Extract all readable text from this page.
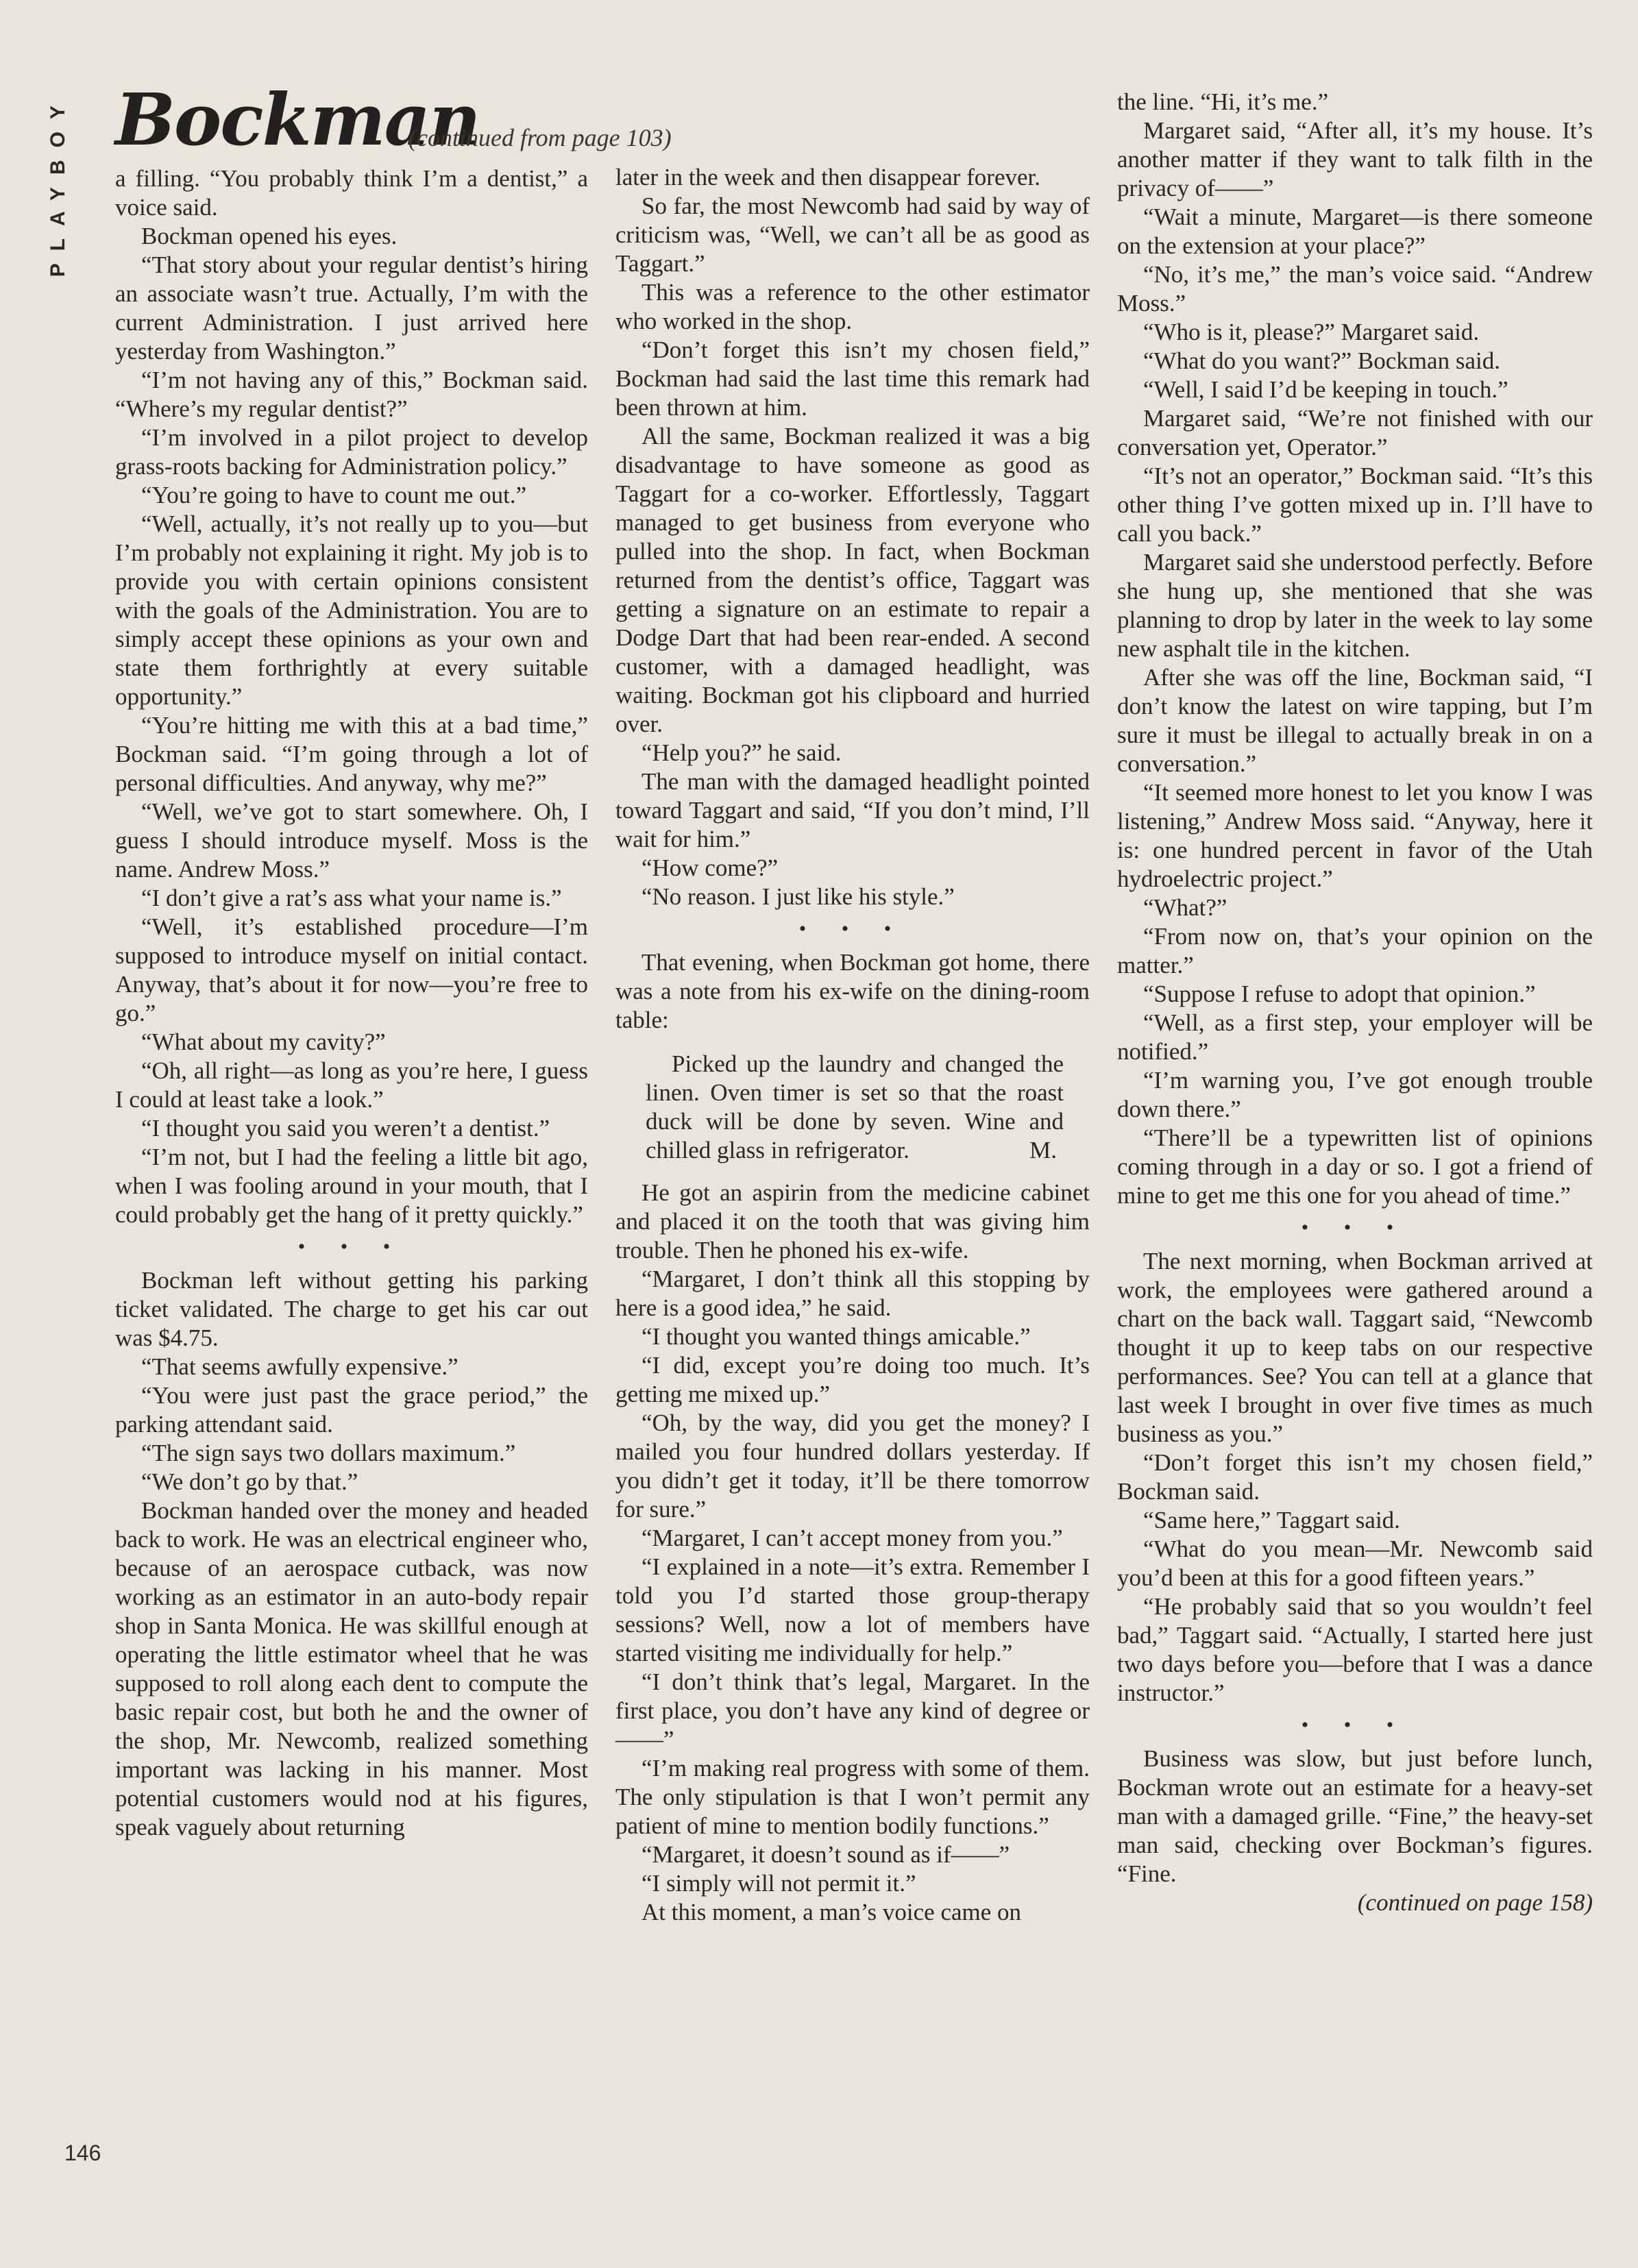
PLAYBOY Bockman
(continued from page 103)

a filling. “You probably think I’m a dentist,” a voice said.

Bockman opened his eyes.

“That story about your regular dentist’s hiring an associate wasn’t true. Actually, I’m with the current Administration. I just arrived here yesterday from Washington.”

“I’m not having any of this,” Bockman said. “Where’s my regular dentist?”

“I’m involved in a pilot project to develop grass-roots backing for Administration policy.”

“You’re going to have to count me out.”

“Well, actually, it’s not really up to you—but I’m probably not explaining it right. My job is to provide you with certain opinions consistent with the goals of the Administration. You are to simply accept these opinions as your own and state them forthrightly at every suitable opportunity.”

“You’re hitting me with this at a bad time,” Bockman said. “I’m going through a lot of personal difficulties. And anyway, why me?”

“Well, we’ve got to start somewhere. Oh, I guess I should introduce myself. Moss is the name. Andrew Moss.”

“I don’t give a rat’s ass what your name is.”

“Well, it’s established procedure—I’m supposed to introduce myself on initial contact. Anyway, that’s about it for now—you’re free to go.”

“What about my cavity?”

“Oh, all right—as long as you’re here, I guess I could at least take a look.”

“I thought you said you weren’t a dentist.”

“I’m not, but I had the feeling a little bit ago, when I was fooling around in your mouth, that I could probably get the hang of it pretty quickly.”

• • •

Bockman left without getting his parking ticket validated. The charge to get his car out was $4.75.

“That seems awfully expensive.”

“You were just past the grace period,” the parking attendant said.

“The sign says two dollars maximum.”

“We don’t go by that.”

Bockman handed over the money and headed back to work. He was an electrical engineer who, because of an aerospace cutback, was now working as an estimator in an auto-body repair shop in Santa Monica. He was skillful enough at operating the little estimator wheel that he was supposed to roll along each dent to compute the basic repair cost, but both he and the owner of the shop, Mr. Newcomb, realized something important was lacking in his manner. Most potential customers would nod at his figures, speak vaguely about returning

later in the week and then disappear forever.

So far, the most Newcomb had said by way of criticism was, “Well, we can’t all be as good as Taggart.”

This was a reference to the other estimator who worked in the shop.

“Don’t forget this isn’t my chosen field,” Bockman had said the last time this remark had been thrown at him.

All the same, Bockman realized it was a big disadvantage to have someone as good as Taggart for a co-worker. Effortlessly, Taggart managed to get business from everyone who pulled into the shop. In fact, when Bockman returned from the dentist’s office, Taggart was getting a signature on an estimate to repair a Dodge Dart that had been rear-ended. A second customer, with a damaged headlight, was waiting. Bockman got his clipboard and hurried over.

“Help you?” he said.

The man with the damaged headlight pointed toward Taggart and said, “If you don’t mind, I’ll wait for him.”

“How come?”

“No reason. I just like his style.”

• • •

That evening, when Bockman got home, there was a note from his ex-wife on the dining-room table:

Picked up the laundry and changed the linen. Oven timer is set so that the roast duck will be done by seven. Wine and chilled glass in refrigerator.	M.

He got an aspirin from the medicine cabinet and placed it on the tooth that was giving him trouble. Then he phoned his ex-wife.

“Margaret, I don’t think all this stopping by here is a good idea,” he said.

“I thought you wanted things amicable.”

“I did, except you’re doing too much. It’s getting me mixed up.”

“Oh, by the way, did you get the money? I mailed you four hundred dollars yesterday. If you didn’t get it today, it’ll be there tomorrow for sure.”

“Margaret, I can’t accept money from you.”

“I explained in a note—it’s extra. Remember I told you I’d started those group-therapy sessions? Well, now a lot of members have started visiting me individually for help.”

“I don’t think that’s legal, Margaret. In the first place, you don’t have any kind of degree or——”

“I’m making real progress with some of them. The only stipulation is that I won’t permit any patient of mine to mention bodily functions.”

“Margaret, it doesn’t sound as if——”

“I simply will not permit it.”

At this moment, a man’s voice came on

the line. “Hi, it’s me.”

Margaret said, “After all, it’s my house. It’s another matter if they want to talk filth in the privacy of——”

“Wait a minute, Margaret—is there someone on the extension at your place?”

“No, it’s me,” the man’s voice said. “Andrew Moss.”

“Who is it, please?” Margaret said.

“What do you want?” Bockman said.

“Well, I said I’d be keeping in touch.”

Margaret said, “We’re not finished with our conversation yet, Operator.”

“It’s not an operator,” Bockman said. “It’s this other thing I’ve gotten mixed up in. I’ll have to call you back.”

Margaret said she understood perfectly. Before she hung up, she mentioned that she was planning to drop by later in the week to lay some new asphalt tile in the kitchen.

After she was off the line, Bockman said, “I don’t know the latest on wire tapping, but I’m sure it must be illegal to actually break in on a conversation.”

“It seemed more honest to let you know I was listening,” Andrew Moss said. “Anyway, here it is: one hundred percent in favor of the Utah hydroelectric project.”

“What?”

“From now on, that’s your opinion on the matter.”

“Suppose I refuse to adopt that opinion.”

“Well, as a first step, your employer will be notified.”

“I’m warning you, I’ve got enough trouble down there.”

“There’ll be a typewritten list of opinions coming through in a day or so. I got a friend of mine to get me this one for you ahead of time.”

• • •

The next morning, when Bockman arrived at work, the employees were gathered around a chart on the back wall. Taggart said, “Newcomb thought it up to keep tabs on our respective performances. See? You can tell at a glance that last week I brought in over five times as much business as you.”

“Don’t forget this isn’t my chosen field,” Bockman said.

“Same here,” Taggart said.

“What do you mean—Mr. Newcomb said you’d been at this for a good fifteen years.”

“He probably said that so you wouldn’t feel bad,” Taggart said. “Actually, I started here just two days before you—before that I was a dance instructor.”

• • •

Business was slow, but just before lunch, Bockman wrote out an estimate for a heavy-set man with a damaged grille. “Fine,” the heavy-set man said, checking over Bockman’s figures. “Fine.

(continued on page 158)
146
